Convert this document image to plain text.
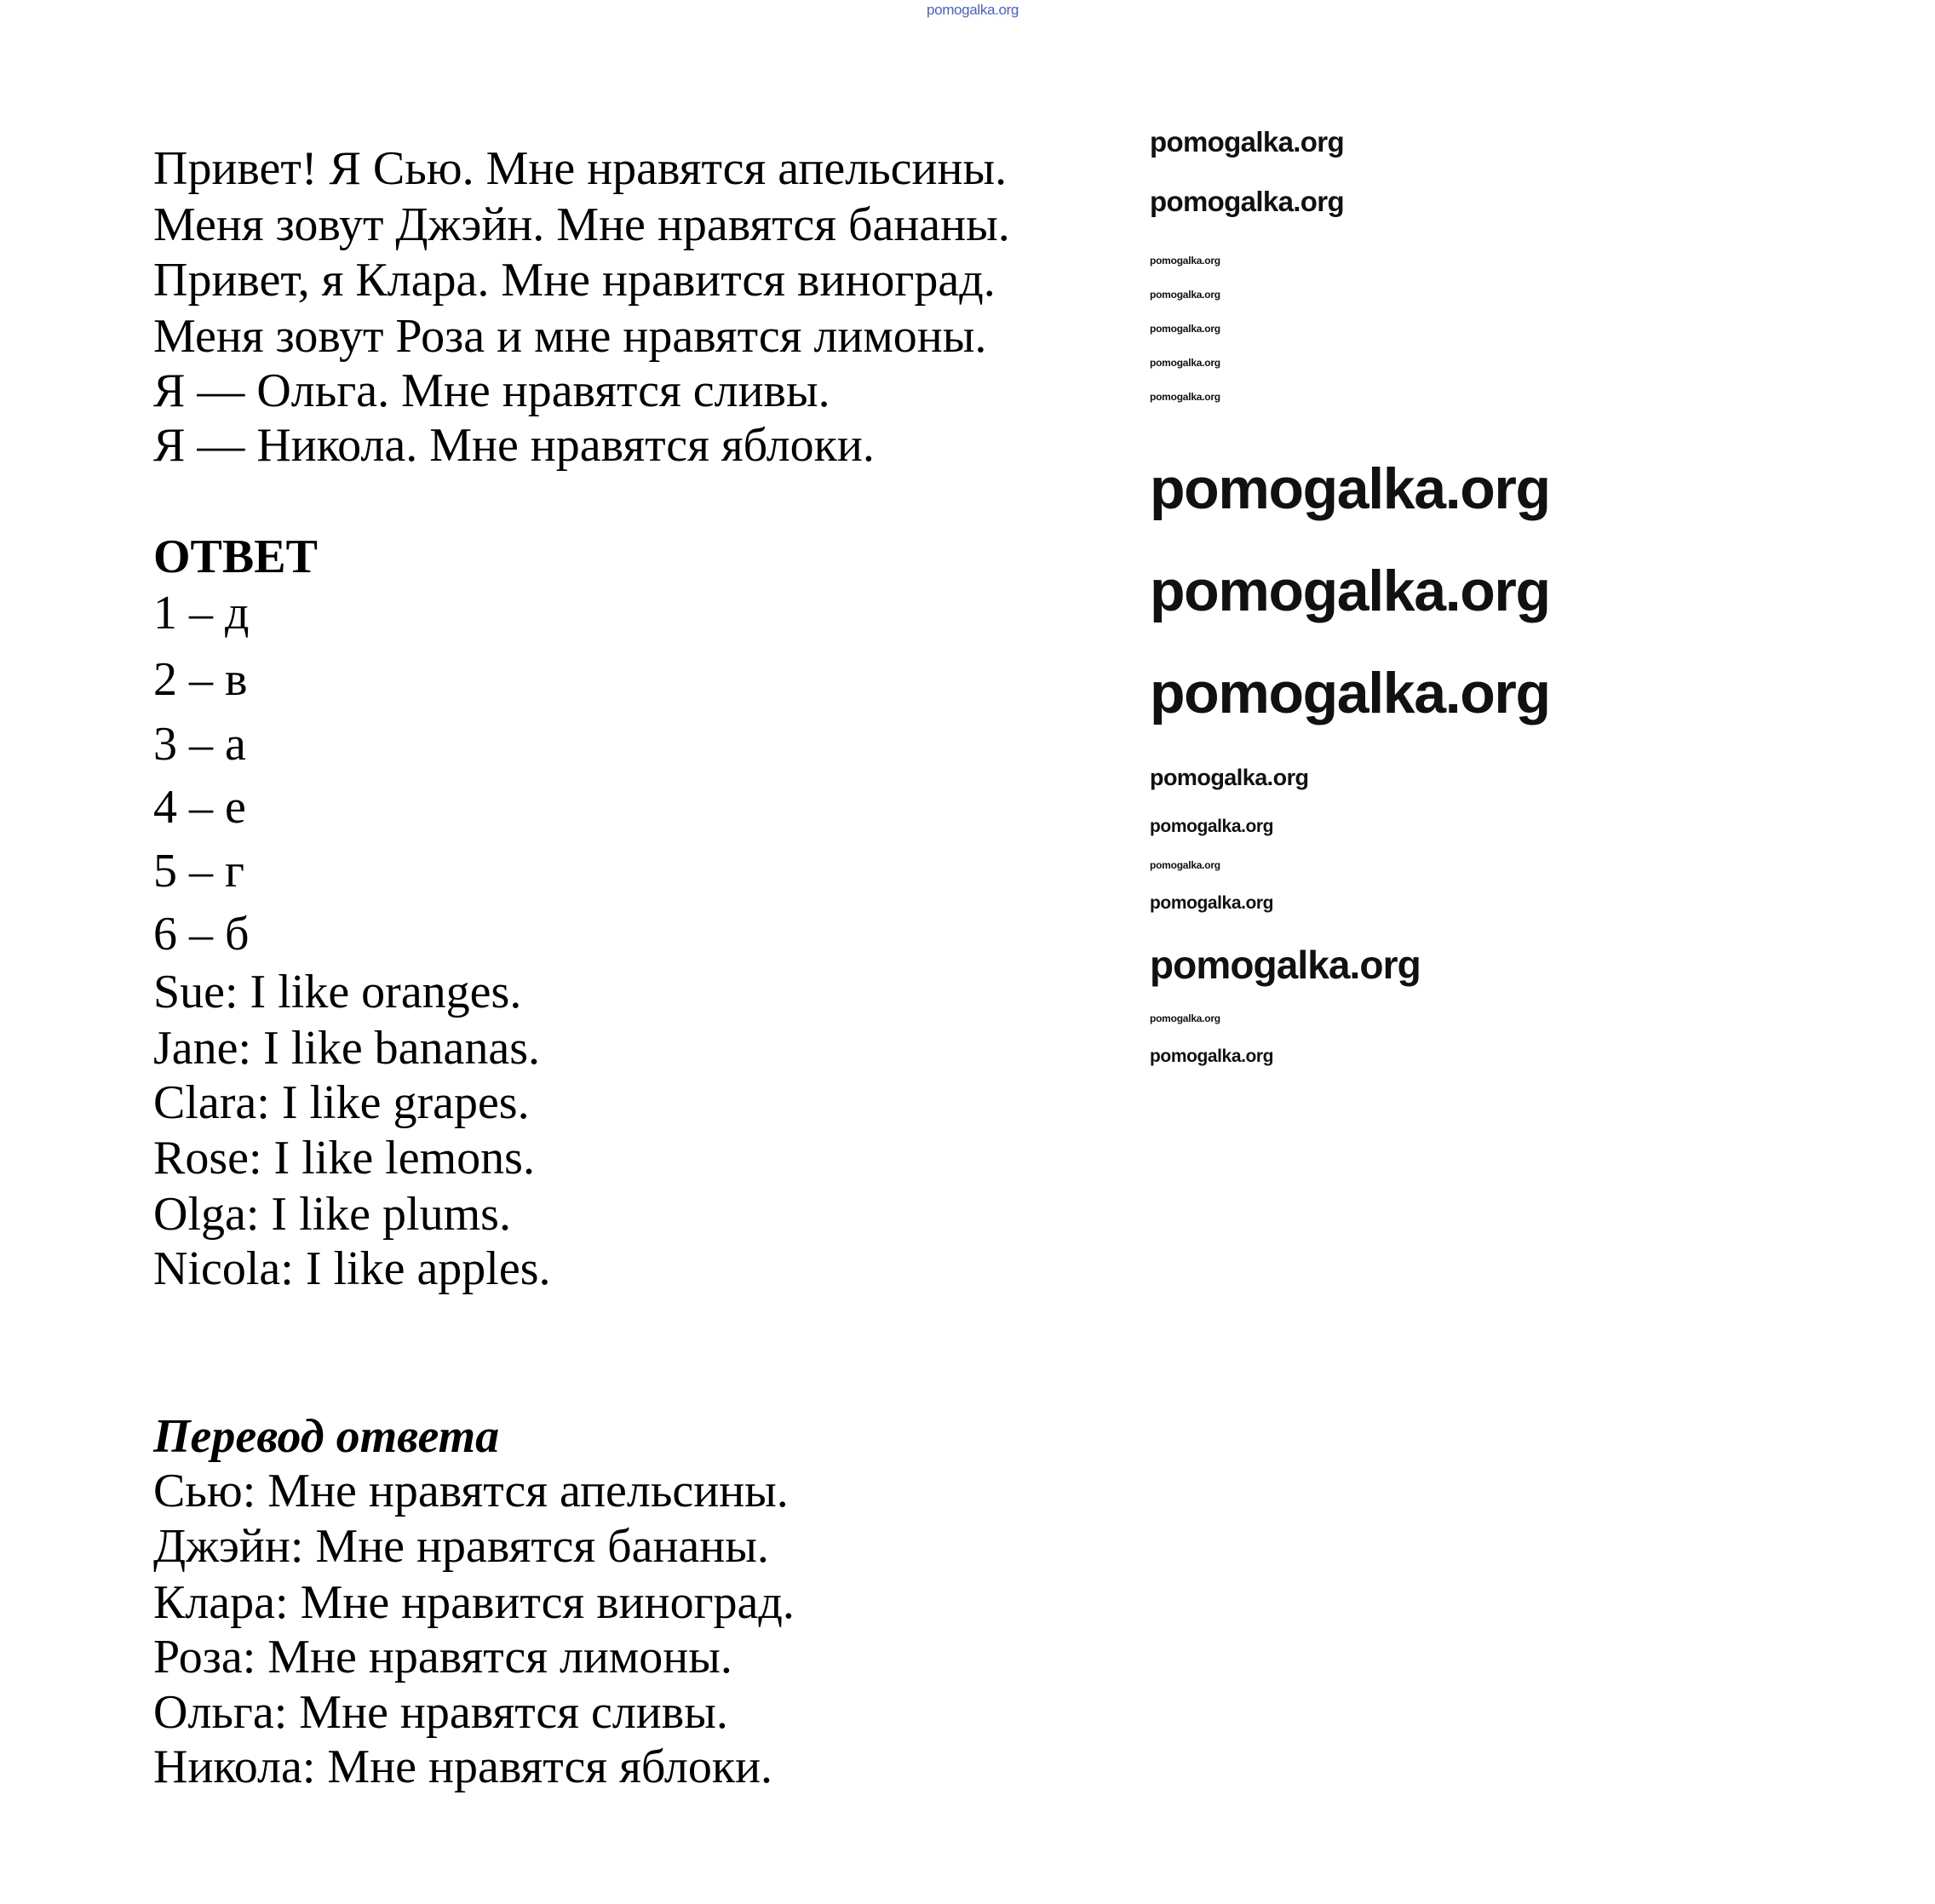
Привет! Я Сью. Мне нравятся апельсины.
Меня зовут Джэйн. Мне нравятся бананы.
Привет, я Клара. Мне нравится виноград.
Меня зовут Роза и мне нравятся лимоны.
Я — Ольга. Мне нравятся сливы.
Я — Никола. Мне нравятся яблоки.
ОТВЕТ
1 – д
2 – в
3 – а
4 – е
5 – г
6 – б
Sue: I like oranges.
Jane: I like bananas.
Clara: I like grapes.
Rose: I like lemons.
Olga: I like plums.
Nicola: I like apples.
Перевод ответа
Сью: Мне нравятся апельсины.
Джэйн: Мне нравятся бананы.
Клара: Мне нравится виноград.
Роза: Мне нравятся лимоны.
Ольга: Мне нравятся сливы.
Никола: Мне нравятся яблоки.
pomogalka.org
pomogalka.org
pomogalka.org
pomogalka.org
pomogalka.org
pomogalka.org
pomogalka.org
pomogalka.org
pomogalka.org
pomogalka.org
pomogalka.org
pomogalka.org
pomogalka.org
pomogalka.org
pomogalka.org
pomogalka.org
pomogalka.org
pomogalka.org
